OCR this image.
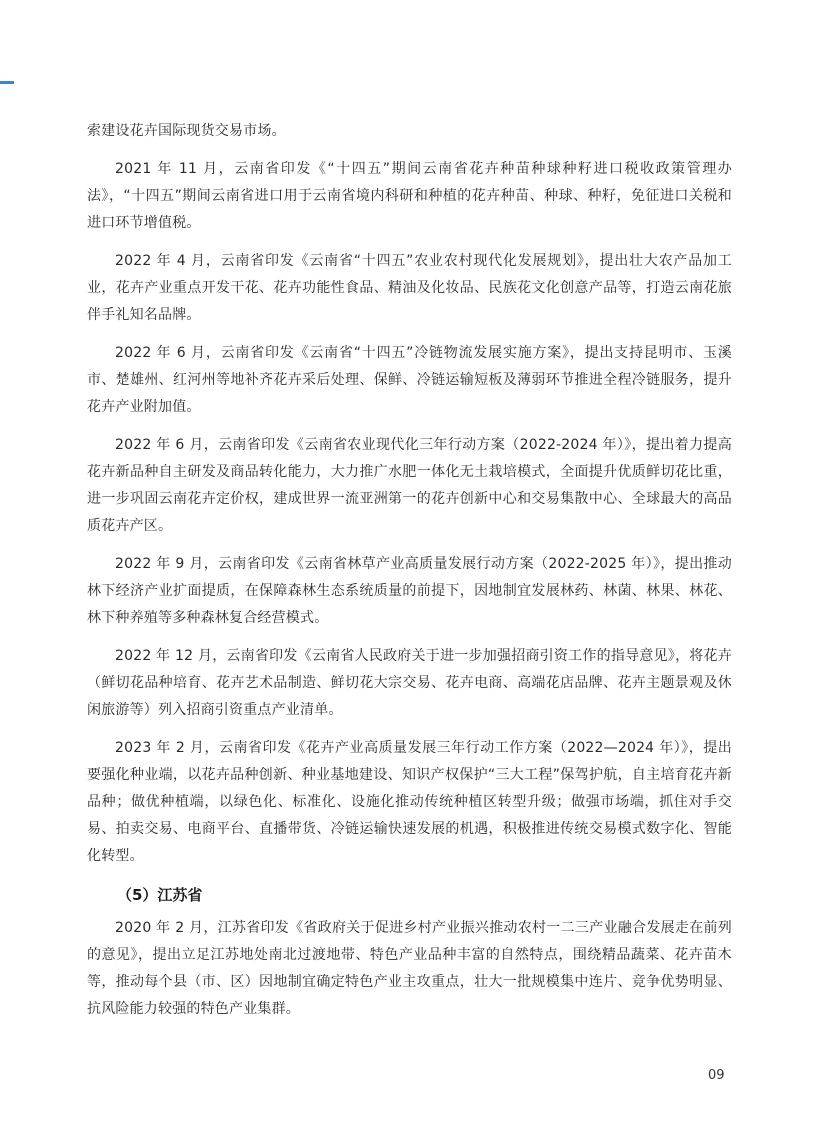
索建设花卉国际现货交易市场。

2021 年 11 月，云南省印发《“十四五”期间云南省花卉种苗种球种籽进口税收政策管理办法》，“十四五”期间云南省进口用于云南省境内科研和种植的花卉种苗、种球、种籽，免征进口关税和进口环节增值税。

2022 年 4 月，云南省印发《云南省“十四五”农业农村现代化发展规划》，提出壮大农产品加工业，花卉产业重点开发干花、花卉功能性食品、精油及化妆品、民族花文化创意产品等，打造云南花旅伴手礼知名品牌。

2022 年 6 月，云南省印发《云南省“十四五”冷链物流发展实施方案》，提出支持昆明市、玉溪市、楚雄州、红河州等地补齐花卉采后处理、保鲜、冷链运输短板及薄弱环节推进全程冷链服务，提升花卉产业附加值。

2022 年 6 月，云南省印发《云南省农业现代化三年行动方案（2022-2024 年）》，提出着力提高花卉新品种自主研发及商品转化能力，大力推广水肥一体化无土栽培模式，全面提升优质鲜切花比重，进一步巩固云南花卉定价权，建成世界一流亚洲第一的花卉创新中心和交易集散中心、全球最大的高品质花卉产区。

2022 年 9 月，云南省印发《云南省林草产业高质量发展行动方案（2022-2025 年）》，提出推动林下经济产业扩面提质，在保障森林生态系统质量的前提下，因地制宜发展林药、林菌、林果、林花、林下种养殖等多种森林复合经营模式。

2022 年 12 月，云南省印发《云南省人民政府关于进一步加强招商引资工作的指导意见》，将花卉（鲜切花品种培育、花卉艺术品制造、鲜切花大宗交易、花卉电商、高端花店品牌、花卉主题景观及休闲旅游等）列入招商引资重点产业清单。

2023 年 2 月，云南省印发《花卉产业高质量发展三年行动工作方案（2022—2024 年）》，提出要强化种业端，以花卉品种创新、种业基地建设、知识产权保护“三大工程”保驾护航，自主培育花卉新品种；做优种植端，以绿色化、标准化、设施化推动传统种植区转型升级；做强市场端，抓住对手交易、拍卖交易、电商平台、直播带货、冷链运输快速发展的机遇，积极推进传统交易模式数字化、智能化转型。

（5）江苏省

2020 年 2 月，江苏省印发《省政府关于促进乡村产业振兴推动农村一二三产业融合发展走在前列的意见》，提出立足江苏地处南北过渡地带、特色产业品种丰富的自然特点，围绕精品蔬菜、花卉苗木等，推动每个县（市、区）因地制宜确定特色产业主攻重点，壮大一批规模集中连片、竞争优势明显、抗风险能力较强的特色产业集群。

09
